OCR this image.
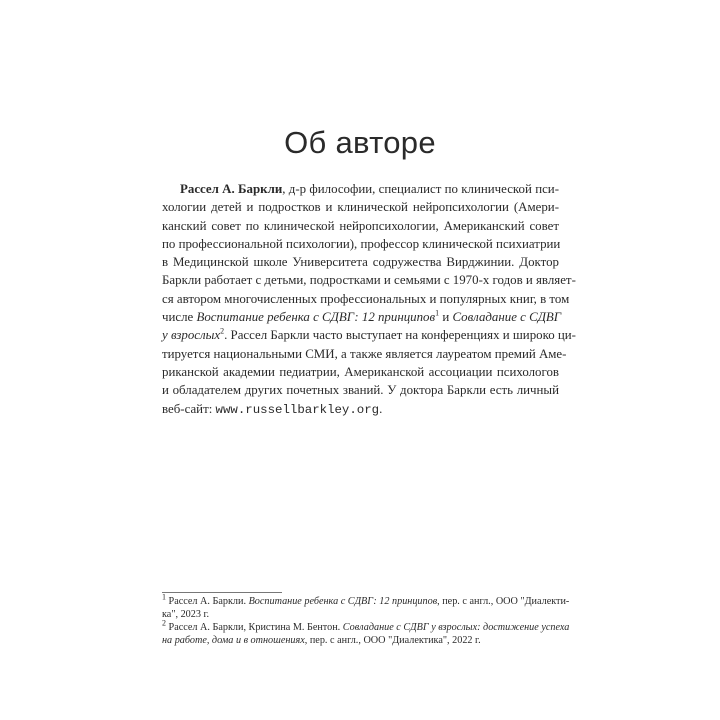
Об авторе
Рассел А. Баркли, д-р философии, специалист по клинической пси-
хологии детей и подростков и клинической нейропсихологии (Амери-
канский совет по клинической нейропсихологии, Американский совет
по профессиональной психологии), профессор клинической психиатрии
в Медицинской школе Университета содружества Вирджинии. Доктор
Баркли работает с детьми, подростками и семьями с 1970-х годов и являет-
ся автором многочисленных профессиональных и популярных книг, в том
числе Воспитание ребенка с СДВГ: 12 принципов$^1$ и Совладание с СДВГ
у взрослых$^2$. Рассел Баркли часто выступает на конференциях и широко ци-
тируется национальными СМИ, а также является лауреатом премий Аме-
риканской академии педиатрии, Американской ассоциации психологов
и обладателем других почетных званий. У доктора Баркли есть личный
веб-сайт: www.russellbarkley.org.
$^1$ Рассел А. Баркли. Воспитание ребенка с СДВГ: 12 принципов, пер. с англ., ООО "Диалекти-
ка", 2023 г.
$^2$ Рассел А. Баркли, Кристина М. Бентон. Совладание с СДВГ у взрослых: достижение успеха
на работе, дома и в отношениях, пер. с англ., ООО "Диалектика", 2022 г.
